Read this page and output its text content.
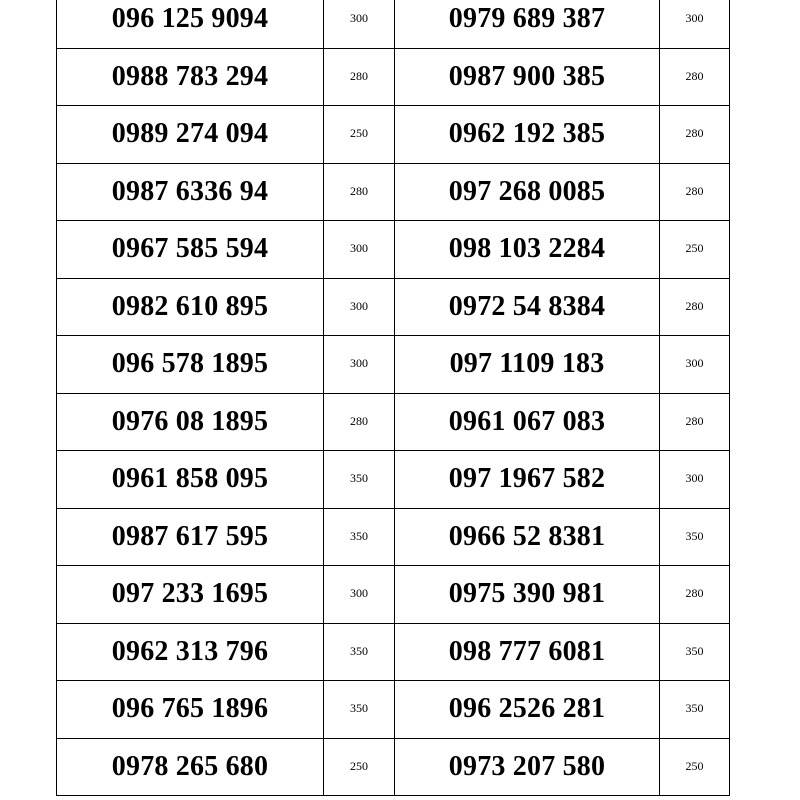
096 125 9094	300	0979 689 387	300
0988 783 294	280	0987 900 385	280
0989 274 094	250	0962 192 385	280
0987 6336 94	280	097 268 0085	280
0967 585 594	300	098 103 2284	250
0982 610 895	300	0972 54 8384	280
096 578 1895	300	097 1109 183	300
0976 08 1895	280	0961 067 083	280
0961 858 095	350	097 1967 582	300
0987 617 595	350	0966 52 8381	350
097 233 1695	300	0975 390 981	280
0962 313 796	350	098 777 6081	350
096 765 1896	350	096 2526 281	350
0978 265 680	250	0973 207 580	250
